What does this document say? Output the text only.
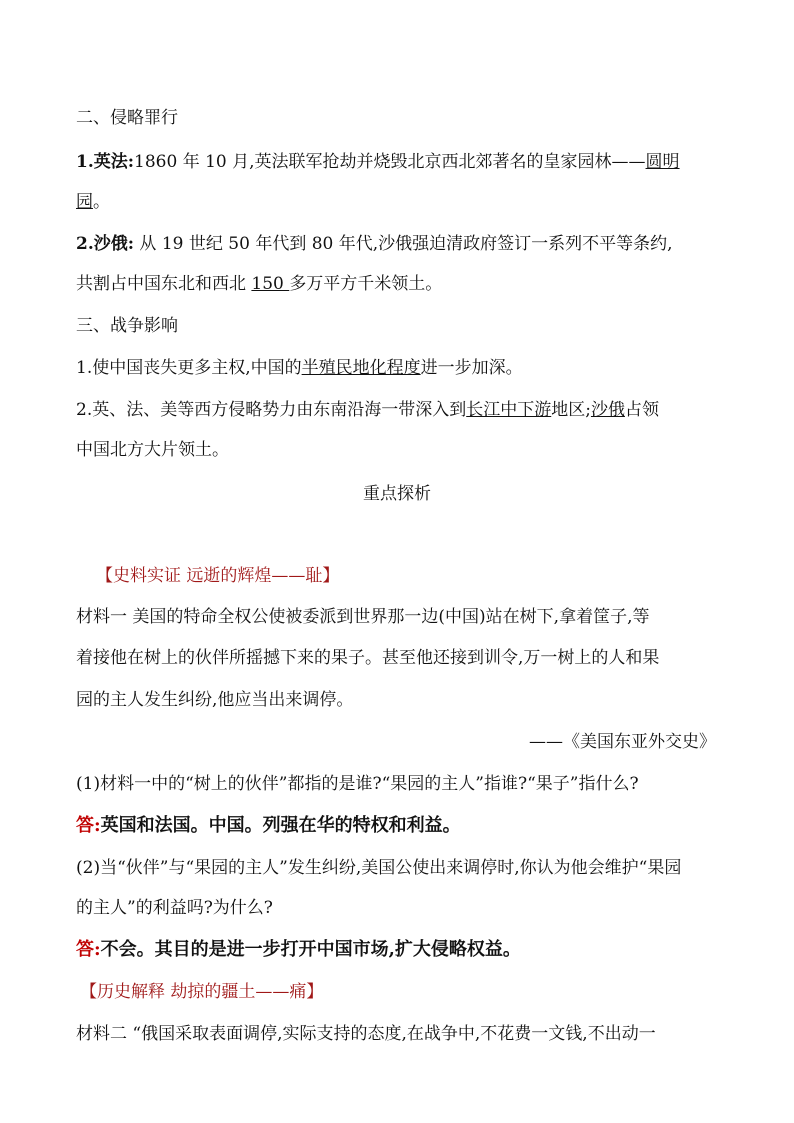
二、侵略罪行
1.英法:1860 年 10 月,英法联军抢劫并烧毁北京西北郊著名的皇家园林——圆明
园。
2.沙俄: 从 19 世纪 50 年代到 80 年代,沙俄强迫清政府签订一系列不平等条约,
共割占中国东北和西北 150 多万平方千米领土。
三、战争影响
1.使中国丧失更多主权,中国的半殖民地化程度进一步加深。
2.英、法、美等西方侵略势力由东南沿海一带深入到长江中下游地区;沙俄占领
中国北方大片领土。
重点探析
【史料实证 远逝的辉煌——耻】
材料一 美国的特命全权公使被委派到世界那一边(中国)站在树下,拿着筐子,等
着接他在树上的伙伴所摇撼下来的果子。甚至他还接到训令,万一树上的人和果
园的主人发生纠纷,他应当出来调停。
——《美国东亚外交史》
(1)材料一中的“树上的伙伴”都指的是谁?“果园的主人”指谁?“果子”指什么?
答:英国和法国。中国。列强在华的特权和利益。
(2)当“伙伴”与“果园的主人”发生纠纷,美国公使出来调停时,你认为他会维护“果园
的主人”的利益吗?为什么?
答:不会。其目的是进一步打开中国市场,扩大侵略权益。
【历史解释 劫掠的疆土——痛】
材料二 “俄国采取表面调停,实际支持的态度,在战争中,不花费一文钱,不出动一
